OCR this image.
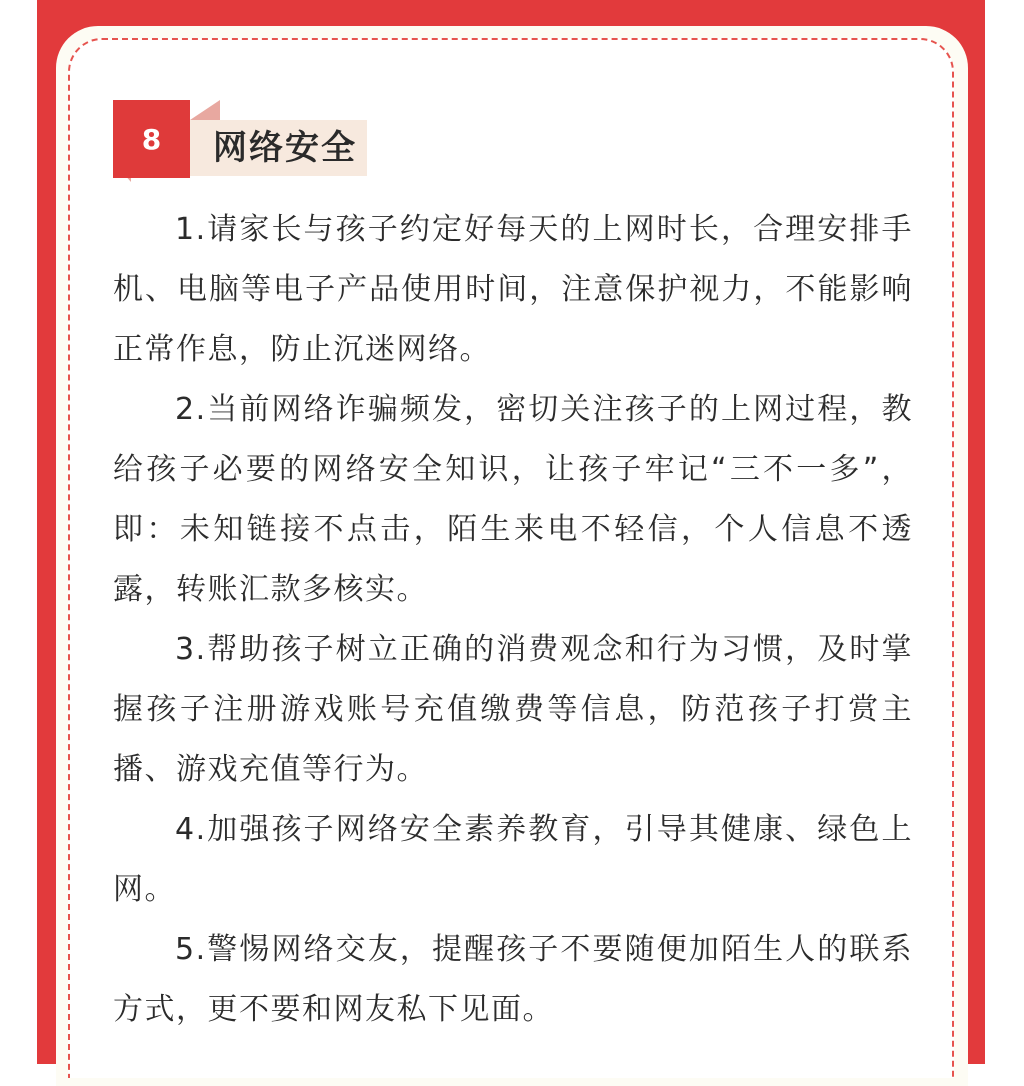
8	网络安全

1.请家长与孩子约定好每天的上网时长，合理安排手机、电脑等电子产品使用时间，注意保护视力，不能影响正常作息，防止沉迷网络。

2.当前网络诈骗频发，密切关注孩子的上网过程，教给孩子必要的网络安全知识，让孩子牢记“三不一多”，即：未知链接不点击，陌生来电不轻信，个人信息不透露，转账汇款多核实。

3.帮助孩子树立正确的消费观念和行为习惯，及时掌握孩子注册游戏账号充值缴费等信息，防范孩子打赏主播、游戏充值等行为。

4.加强孩子网络安全素养教育，引导其健康、绿色上网。

5.警惕网络交友，提醒孩子不要随便加陌生人的联系方式，更不要和网友私下见面。
